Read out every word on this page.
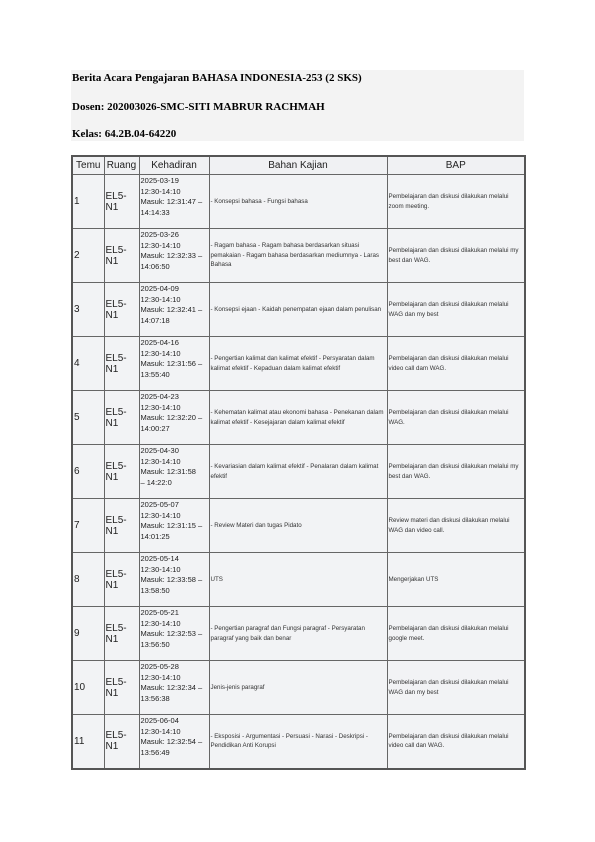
Berita Acara Pengajaran BAHASA INDONESIA-253 (2 SKS)
Dosen: 202003026-SMC-SITI MABRUR RACHMAH
Kelas: 64.2B.04-64220
Temu	Ruang	Kehadiran	Bahan Kajian	BAP
1	EL5-N1	2025-03-19
12:30-14:10
Masuk: 12:31:47 –
14:14:33	- Konsepsi bahasa - Fungsi bahasa	Pembelajaran dan diskusi dilakukan melalui zoom meeting.
2	EL5-N1	2025-03-26
12:30-14:10
Masuk: 12:32:33 –
14:06:50	- Ragam bahasa - Ragam bahasa berdasarkan situasi pemakaian - Ragam bahasa berdasarkan mediumnya - Laras Bahasa	Pembelajaran dan diskusi dilakukan melalui my best dan WAG.
3	EL5-N1	2025-04-09
12:30-14:10
Masuk: 12:32:41 –
14:07:18	- Konsepsi ejaan - Kaidah penempatan ejaan dalam penulisan	Pembelajaran dan diskusi dilakukan melalui WAG dan my best
4	EL5-N1	2025-04-16
12:30-14:10
Masuk: 12:31:56 –
13:55:40	- Pengertian kalimat dan kalimat efektif - Persyaratan dalam kalimat efektif - Kepaduan dalam kalimat efektif	Pembelajaran dan diskusi dilakukan melalui video call dam WAG.
5	EL5-N1	2025-04-23
12:30-14:10
Masuk: 12:32:20 –
14:00:27	- Kehematan kalimat atau ekonomi bahasa - Penekanan dalam kalimat efektif - Kesejajaran dalam kalimat efektif	Pembelajaran dan diskusi dilakukan melalui WAG.
6	EL5-N1	2025-04-30
12:30-14:10
Masuk: 12:31:58
– 14:22:0	- Kevariasian dalam kalimat efektif - Penalaran dalam kalimat efektif	Pembelajaran dan diskusi dilakukan melalui my best dan WAG.
7	EL5-N1	2025-05-07
12:30-14:10
Masuk: 12:31:15 –
14:01:25	- Review Materi dan tugas Pidato	Review materi dan diskusi dilakukan melalui WAG dan video call.
8	EL5-N1	2025-05-14
12:30-14:10
Masuk: 12:33:58 –
13:58:50	UTS	Mengerjakan UTS
9	EL5-N1	2025-05-21
12:30-14:10
Masuk: 12:32:53 –
13:56:50	- Pengertian paragraf dan Fungsi paragraf - Persyaratan paragraf yang baik dan benar	Pembelajaran dan diskusi dilakukan melalui google meet.
10	EL5-N1	2025-05-28
12:30-14:10
Masuk: 12:32:34 –
13:56:38	Jenis-jenis paragraf	Pembelajaran dan diskusi dilakukan melalui WAG dan my best
11	EL5-N1	2025-06-04
12:30-14:10
Masuk: 12:32:54 –
13:56:49	- Eksposisi - Argumentasi - Persuasi - Narasi - Deskripsi - Pendidikan Anti Korupsi	Pembelajaran dan diskusi dilakukan melalui video call dan WAG.
